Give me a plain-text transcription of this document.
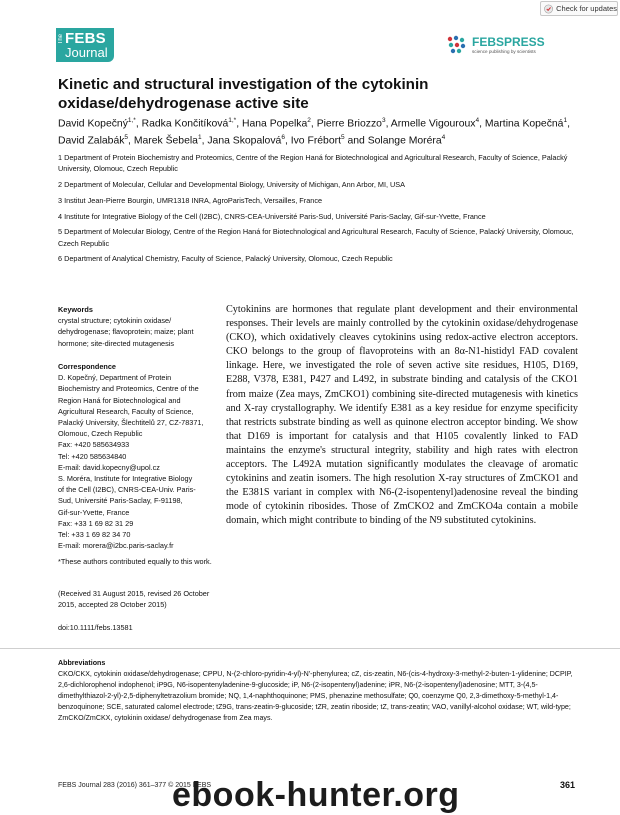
Check for updates
The FEBS
Journal
FEBSPRESS
science publishing by scientists
Kinetic and structural investigation of the cytokinin
oxidase/dehydrogenase active site
David Kopečný$^{1,*}$, Radka Končitíková$^{1,*}$, Hana Popelka$^2$, Pierre Briozzo$^3$, Armelle Vigouroux$^4$, Martina Kopečná$^1$, David Zalabák$^5$, Marek Šebela$^1$, Jana Skopalová$^6$, Ivo Frébort$^5$ and Solange Moréra$^4$

1 Department of Protein Biochemistry and Proteomics, Centre of the Region Haná for Biotechnological and Agricultural Research, Faculty of Science, Palacký University, Olomouc, Czech Republic

2 Department of Molecular, Cellular and Developmental Biology, University of Michigan, Ann Arbor, MI, USA

3 Institut Jean-Pierre Bourgin, UMR1318 INRA, AgroParisTech, Versailles, France

4 Institute for Integrative Biology of the Cell (I2BC), CNRS-CEA-Université Paris-Sud, Université Paris-Saclay, Gif-sur-Yvette, France

5 Department of Molecular Biology, Centre of the Region Haná for Biotechnological and Agricultural Research, Faculty of Science, Palacký University, Olomouc, Czech Republic

6 Department of Analytical Chemistry, Faculty of Science, Palacký University, Olomouc, Czech Republic

Keywords

crystal structure; cytokinin oxidase/ dehydrogenase; flavoprotein; maize; plant hormone; site-directed mutagenesis

Correspondence

D. Kopečný, Department of Protein

Biochemistry and Proteomics, Centre of the

Region Haná for Biotechnological and

Agricultural Research, Faculty of Science,

Palacký University, Šlechtitelů 27, CZ-78371,

Olomouc, Czech Republic

Fax: +420 585634933

Tel: +420 585634840

E-mail: david.kopecny@upol.cz

S. Moréra, Institute for Integrative Biology

of the Cell (I2BC), CNRS-CEA-Univ. Paris-

Sud, Université Paris-Saclay, F-91198,

Gif-sur-Yvette, France

Fax: +33 1 69 82 31 29

Tel: +33 1 69 82 34 70

E-mail: morera@i2bc.paris-saclay.fr

*These authors contributed equally to this work.
(Received 31 August 2015, revised 26 October 2015, accepted 28 October 2015)
doi:10.1111/febs.13581
Cytokinins are hormones that regulate plant development and their environmental responses. Their levels are mainly controlled by the cytokinin oxidase/dehydrogenase (CKO), which oxidatively cleaves cytokinins using redox-active electron acceptors. CKO belongs to the group of flavoproteins with an 8α-N1-histidyl FAD covalent linkage. Here, we investigated the role of seven active site residues, H105, D169, E288, V378, E381, P427 and L492, in substrate binding and catalysis of the CKO1 from maize (Zea mays, ZmCKO1) combining site-directed mutagenesis with kinetics and X-ray crystallography. We identify E381 as a key residue for enzyme specificity that restricts substrate binding as well as quinone electron acceptor binding. We show that D169 is important for catalysis and that H105 covalently linked to FAD maintains the enzyme's structural integrity, stability and high rates with electron acceptors. The L492A mutation significantly modulates the cleavage of aromatic cytokinins and zeatin isomers. The high resolution X-ray structures of ZmCKO1 and the E381S variant in complex with N6-(2-isopentenyl)adenosine reveal the binding mode of cytokinin ribosides. Those of ZmCKO2 and ZmCKO4a contain a mobile domain, which might contribute to binding of the N9 substituted cytokinins.
Abbreviations
CKO/CKX, cytokinin oxidase/dehydrogenase; CPPU, N-(2-chloro-pyridin-4-yl)-N'-phenylurea; cZ, cis-zeatin, N6-(cis-4-hydroxy-3-methyl-2-buten-1-ylidenine; DCPIP, 2,6-dichlorophenol indophenol; iP9G, N6-isopentenyladenine-9-glucoside; iP, N6-(2-isopentenyl)adenine; iPR, N6-(2-isopentenyl)adenosine; MTT, 3-(4,5-dimethylthiazol-2-yl)-2,5-diphenyltetrazolium bromide; NQ, 1,4-naphthoquinone; PMS, phenazine methosulfate; Q0, coenzyme Q0, 2,3-dimethoxy-5-methyl-1,4-benzoquinone; SCE, saturated calomel electrode; tZ9G, trans-zeatin-9-glucoside; tZR, zeatin riboside; tZ, trans-zeatin; VAO, vanillyl-alcohol oxidase; WT, wild-type; ZmCKO/ZmCKX, cytokinin oxidase/ dehydrogenase from Zea mays.
FEBS Journal 283 (2016) 361–377 © 2015 FEBS	361
ebook-hunter.org
